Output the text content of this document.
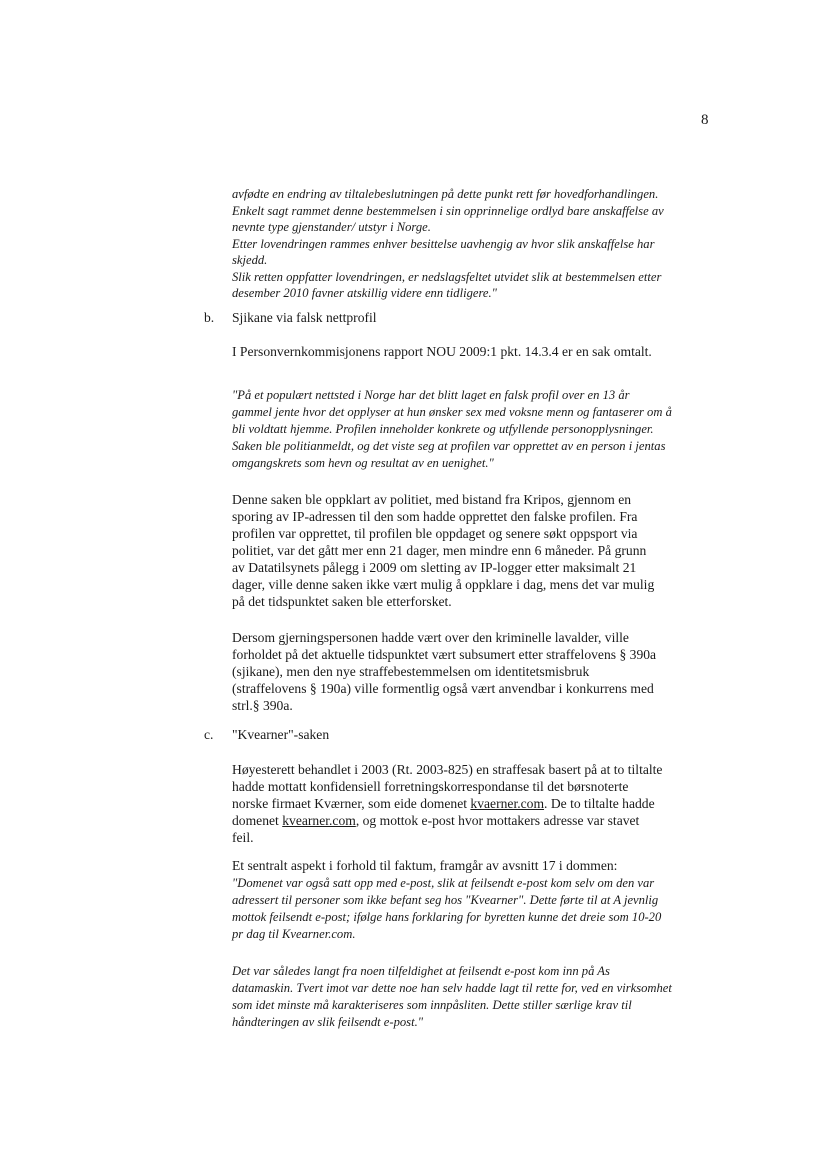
8

avfødte en endring av tiltalebeslutningen på dette punkt rett før hovedforhandlingen.

Enkelt sagt rammet denne bestemmelsen i sin opprinnelige ordlyd bare anskaffelse av nevnte type gjenstander/ utstyr i Norge.

Etter lovendringen rammes enhver besittelse uavhengig av hvor slik anskaffelse har skjedd.

Slik retten oppfatter lovendringen, er nedslagsfeltet utvidet slik at bestemmelsen etter desember 2010 favner atskillig videre enn tidligere."

b. Sjikane via falsk nettprofil
I Personvernkommisjonens rapport NOU 2009:1 pkt. 14.3.4 er en sak omtalt.
"På et populært nettsted i Norge har det blitt laget en falsk profil over en 13 år gammel jente hvor det opplyser at hun ønsker sex med voksne menn og fantaserer om å bli voldtatt hjemme. Profilen inneholder konkrete og utfyllende personopplysninger. Saken ble politianmeldt, og det viste seg at profilen var opprettet av en person i jentas omgangskrets som hevn og resultat av en uenighet."
Denne saken ble oppklart av politiet, med bistand fra Kripos, gjennom en sporing av IP-adressen til den som hadde opprettet den falske profilen. Fra profilen var opprettet, til profilen ble oppdaget og senere søkt oppsport via politiet, var det gått mer enn 21 dager, men mindre enn 6 måneder. På grunn av Datatilsynets pålegg i 2009 om sletting av IP-logger etter maksimalt 21 dager, ville denne saken ikke vært mulig å oppklare i dag, mens det var mulig på det tidspunktet saken ble etterforsket.
Dersom gjerningspersonen hadde vært over den kriminelle lavalder, ville forholdet på det aktuelle tidspunktet vært subsumert etter straffelovens § 390a (sjikane), men den nye straffebestemmelsen om identitetsmisbruk (straffelovens § 190a) ville formentlig også vært anvendbar i konkurrens med strl.§ 390a.
c. "Kvearner"-saken
Høyesterett behandlet i 2003 (Rt. 2003-825) en straffesak basert på at to tiltalte hadde mottatt konfidensiell forretningskorrespondanse til det børsnoterte norske firmaet Kværner, som eide domenet kvaerner.com. De to tiltalte hadde domenet kvearner.com, og mottok e-post hvor mottakers adresse var stavet feil.
Et sentralt aspekt i forhold til faktum, framgår av avsnitt 17 i dommen:
"Domenet var også satt opp med e-post, slik at feilsendt e-post kom selv om den var adressert til personer som ikke befant seg hos "Kvearner". Dette førte til at A jevnlig mottok feilsendt e-post; ifølge hans forklaring for byretten kunne det dreie som 10-20 pr dag til Kvearner.com.
Det var således langt fra noen tilfeldighet at feilsendt e-post kom inn på As datamaskin. Tvert imot var dette noe han selv hadde lagt til rette for, ved en virksomhet som idet minste må karakteriseres som innpåsliten. Dette stiller særlige krav til håndteringen av slik feilsendt e-post."
